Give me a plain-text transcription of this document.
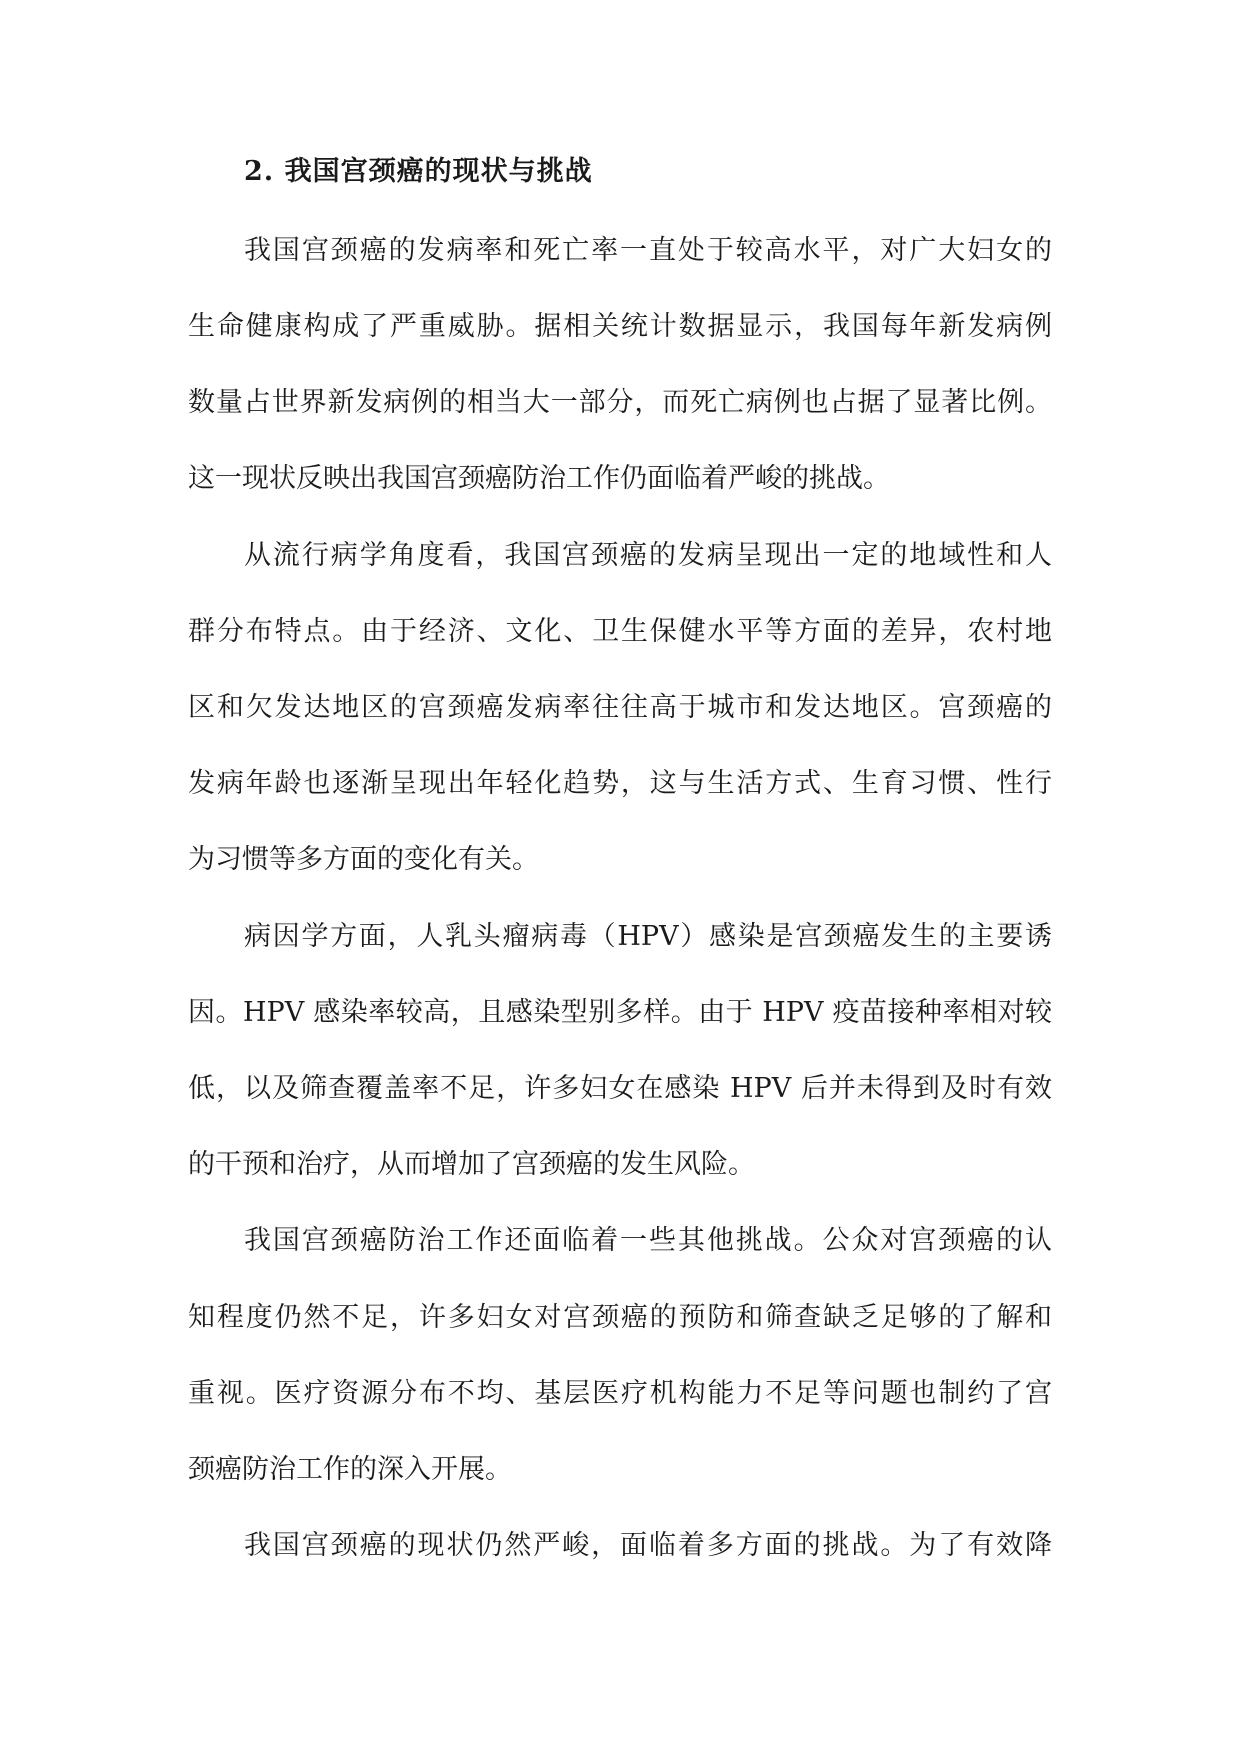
2. 我国宫颈癌的现状与挑战

我国宫颈癌的发病率和死亡率一直处于较高水平，对广大妇女的

生命健康构成了严重威胁。据相关统计数据显示，我国每年新发病例

数量占世界新发病例的相当大一部分，而死亡病例也占据了显著比例。

这一现状反映出我国宫颈癌防治工作仍面临着严峻的挑战。

从流行病学角度看，我国宫颈癌的发病呈现出一定的地域性和人

群分布特点。由于经济、文化、卫生保健水平等方面的差异，农村地

区和欠发达地区的宫颈癌发病率往往高于城市和发达地区。宫颈癌的

发病年龄也逐渐呈现出年轻化趋势，这与生活方式、生育习惯、性行

为习惯等多方面的变化有关。

病因学方面，人乳头瘤病毒（HPV）感染是宫颈癌发生的主要诱

因。HPV 感染率较高，且感染型别多样。由于 HPV 疫苗接种率相对较

低，以及筛查覆盖率不足，许多妇女在感染 HPV 后并未得到及时有效

的干预和治疗，从而增加了宫颈癌的发生风险。

我国宫颈癌防治工作还面临着一些其他挑战。公众对宫颈癌的认

知程度仍然不足，许多妇女对宫颈癌的预防和筛查缺乏足够的了解和

重视。医疗资源分布不均、基层医疗机构能力不足等问题也制约了宫

颈癌防治工作的深入开展。

我国宫颈癌的现状仍然严峻，面临着多方面的挑战。为了有效降
